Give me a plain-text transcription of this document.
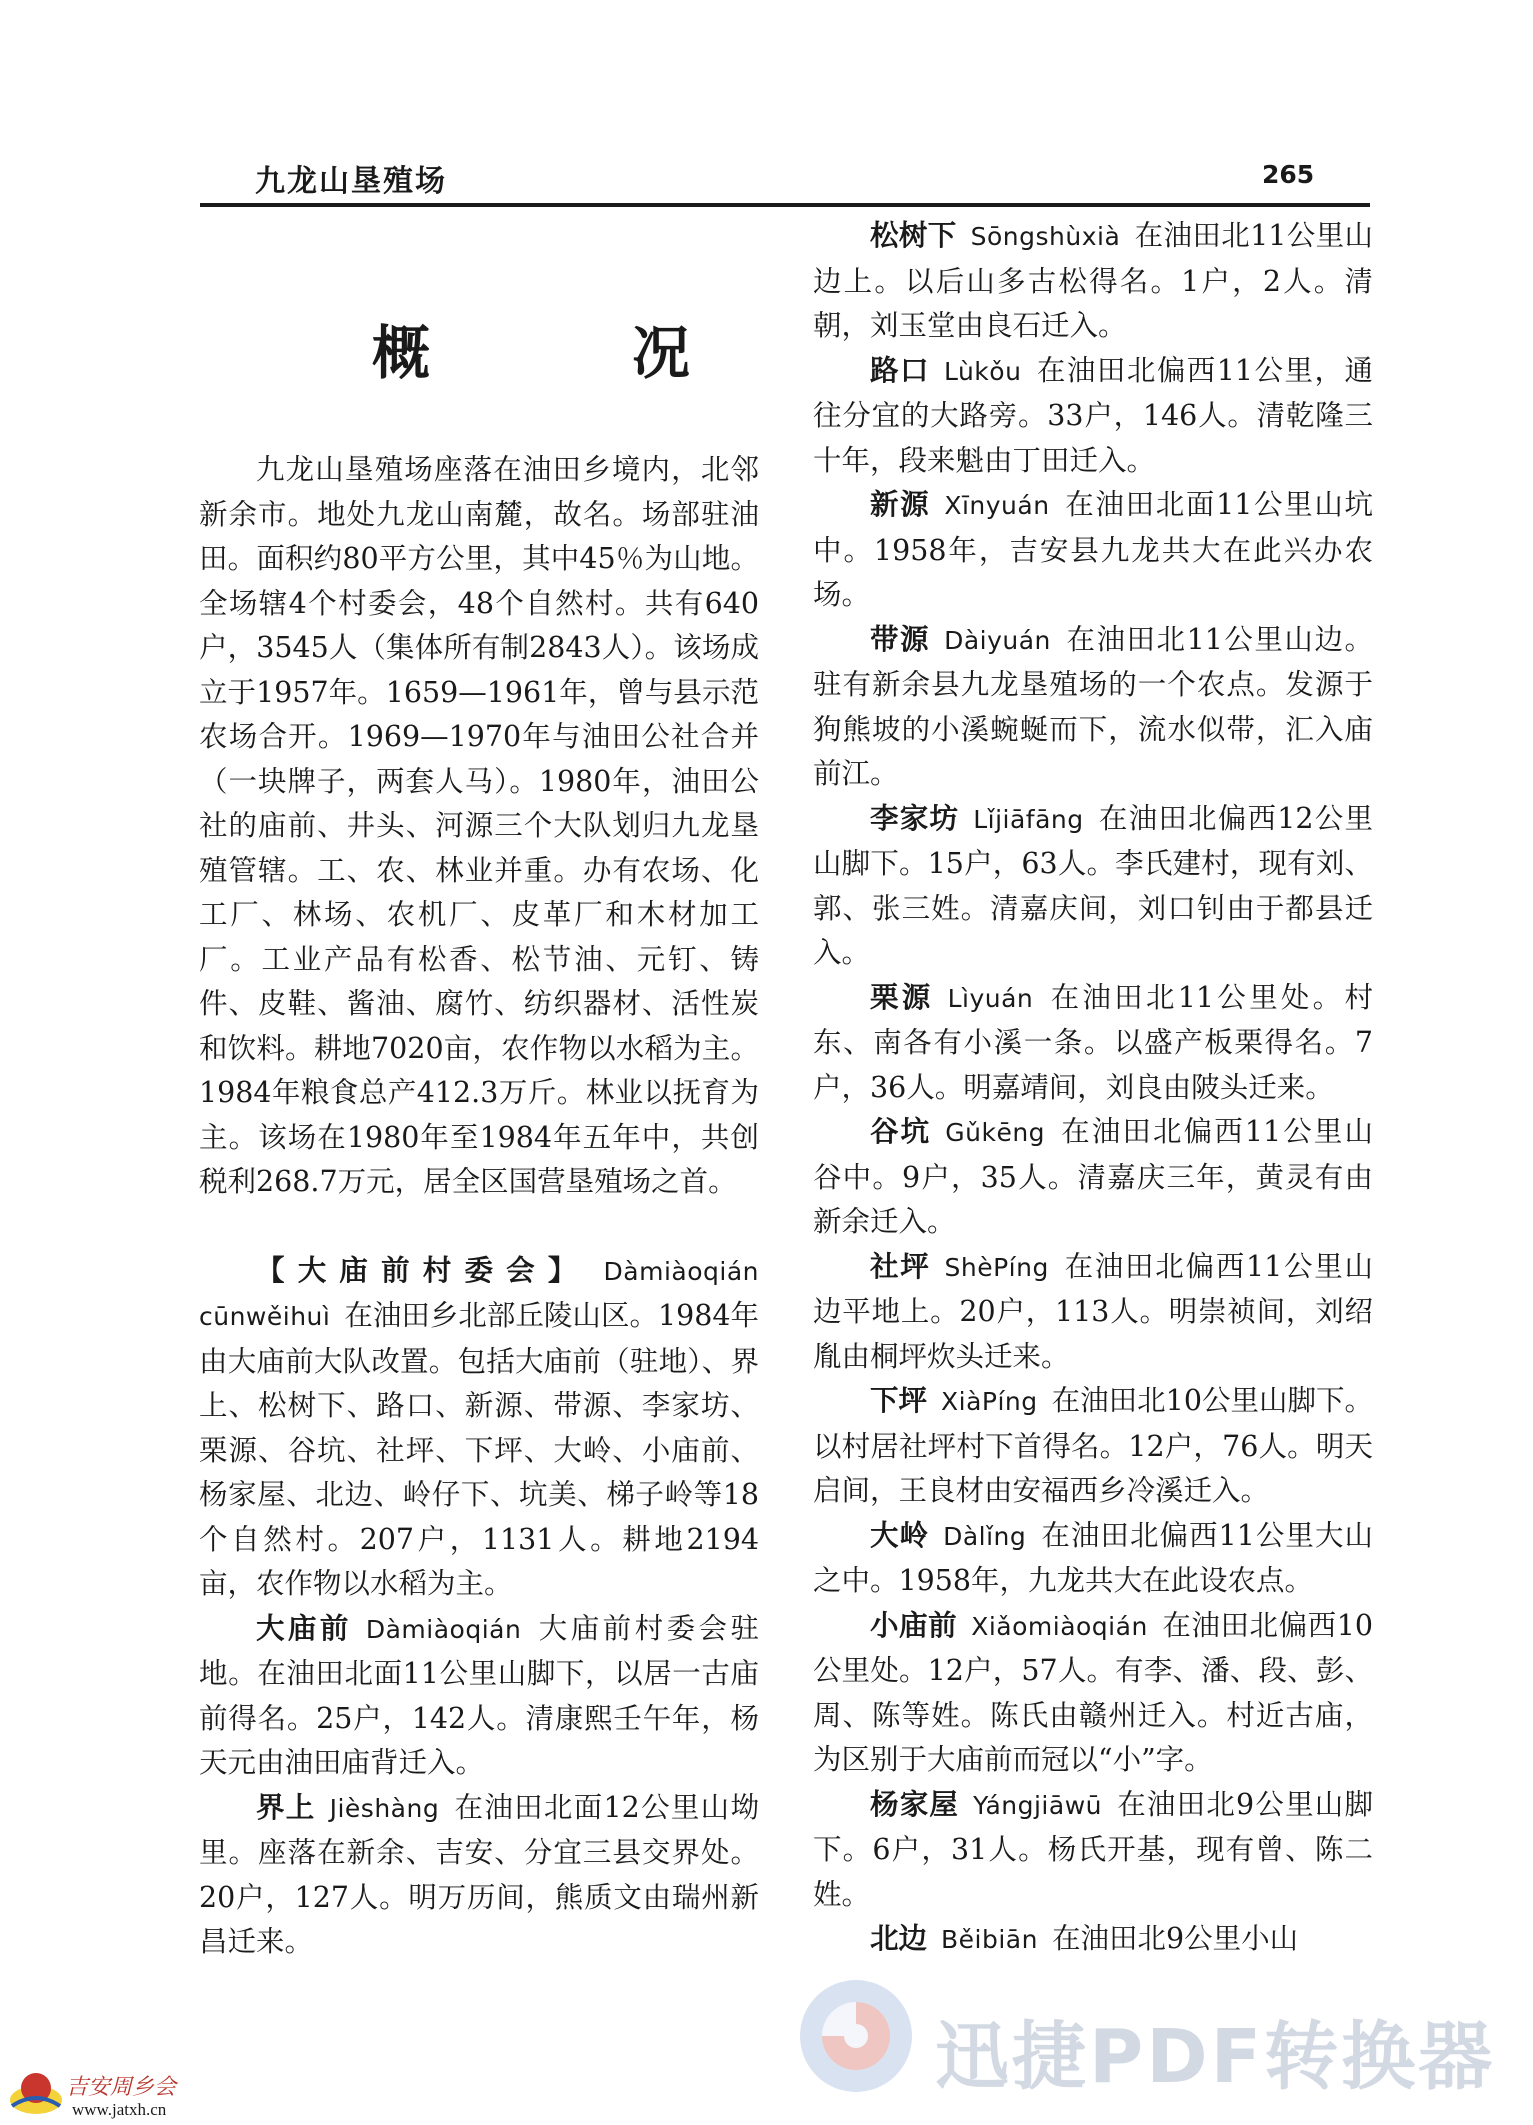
九龙山垦殖场	265
概　况

九龙山垦殖场座落在油田乡境内，北邻新余市。地处九龙山南麓，故名。场部驻油田。面积约80平方公里，其中45％为山地。全场辖4个村委会，48个自然村。共有640户，3545人（集体所有制2843人）。该场成立于1957年。1659—1961年，曾与县示范农场合开。1969—1970年与油田公社合并（一块牌子，两套人马）。1980年，油田公社的庙前、井头、河源三个大队划归九龙垦殖管辖。工、农、林业并重。办有农场、化工厂、林场、农机厂、皮革厂和木材加工厂。工业产品有松香、松节油、元钉、铸件、皮鞋、酱油、腐竹、纺织器材、活性炭和饮料。耕地7020亩，农作物以水稻为主。1984年粮食总产412.3万斤。林业以抚育为主。该场在1980年至1984年五年中，共创税利268.7万元，居全区国营垦殖场之首。

【大庙前村委会】 Dàmiàoqián cūnwěihuì 在油田乡北部丘陵山区。1984年由大庙前大队改置。包括大庙前（驻地）、界上、松树下、路口、新源、带源、李家坊、栗源、谷坑、社坪、下坪、大岭、小庙前、杨家屋、北边、岭仔下、坑美、梯子岭等18个自然村。207户，1131人。耕地2194亩，农作物以水稻为主。

大庙前 Dàmiàoqián 大庙前村委会驻地。在油田北面11公里山脚下，以居一古庙前得名。25户，142人。清康熙壬午年，杨天元由油田庙背迁入。

界上 Jièshàng 在油田北面12公里山坳里。座落在新余、吉安、分宜三县交界处。20户，127人。明万历间，熊质文由瑞州新昌迁来。

松树下 Sōngshùxià 在油田北11公里山边上。以后山多古松得名。1户，2人。清朝，刘玉堂由良石迁入。

路口 Lùkǒu 在油田北偏西11公里，通往分宜的大路旁。33户，146人。清乾隆三十年，段来魁由丁田迁入。

新源 Xīnyuán 在油田北面11公里山坑中。1958年，吉安县九龙共大在此兴办农场。

带源 Dàiyuán 在油田北11公里山边。驻有新余县九龙垦殖场的一个农点。发源于狗熊坡的小溪蜿蜒而下，流水似带，汇入庙前江。

李家坊 Lǐjiāfāng 在油田北偏西12公里山脚下。15户，63人。李氏建村，现有刘、郭、张三姓。清嘉庆间，刘口钊由于都县迁入。

栗源 Lìyuán 在油田北11公里处。村东、南各有小溪一条。以盛产板栗得名。7户，36人。明嘉靖间，刘良由陂头迁来。

谷坑 Gǔkēng 在油田北偏西11公里山谷中。9户，35人。清嘉庆三年，黄灵有由新余迁入。

社坪 ShèPíng 在油田北偏西11公里山边平地上。20户，113人。明崇祯间，刘绍胤由桐坪炊头迁来。

下坪 XiàPíng 在油田北10公里山脚下。以村居社坪村下首得名。12户，76人。明天启间，王良材由安福西乡冷溪迁入。

大岭 Dàlǐng 在油田北偏西11公里大山之中。1958年，九龙共大在此设农点。

小庙前 Xiǎomiàoqián 在油田北偏西10公里处。12户，57人。有李、潘、段、彭、周、陈等姓。陈氏由赣州迁入。村近古庙，为区别于大庙前而冠以“小”字。

杨家屋 Yángjiāwū 在油田北9公里山脚下。6户，31人。杨氏开基，现有曾、陈二姓。

北边 Běibiān 在油田北9公里小山

迅捷PDF转换器
吉安周乡会
www.jatxh.cn
